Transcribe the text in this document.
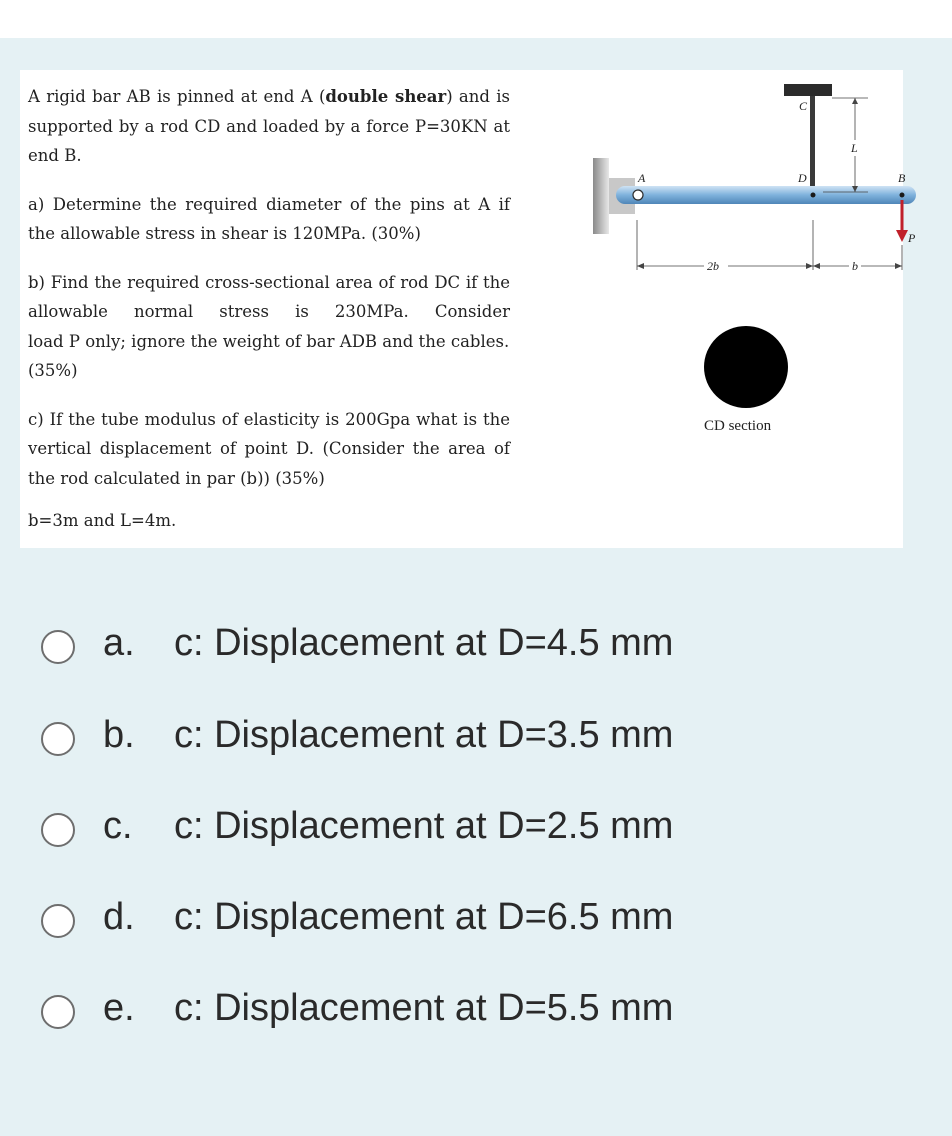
A rigid bar AB is pinned at end A (double shear) and is supported by a rod CD and loaded by a force P=30KN at end B.

a) Determine the required diameter of the pins at A if the allowable stress in shear is 120MPa. (30%)

b) Find the required cross-sectional area of rod DC if the

allowable normal stress is 230MPa. Consider

load P only; ignore the weight of bar ADB and the cables. (35%)

c) If the tube modulus of elasticity is 200Gpa what is the vertical displacement of point D. (Consider the area of the rod calculated in par (b)) (35%)

b=3m and L=4m.

A	B
C
D
L
P
2b	b
CD section
a. c: Displacement at D=4.5 mm
b. c: Displacement at D=3.5 mm
c. c: Displacement at D=2.5 mm
d. c: Displacement at D=6.5 mm
e. c: Displacement at D=5.5 mm
